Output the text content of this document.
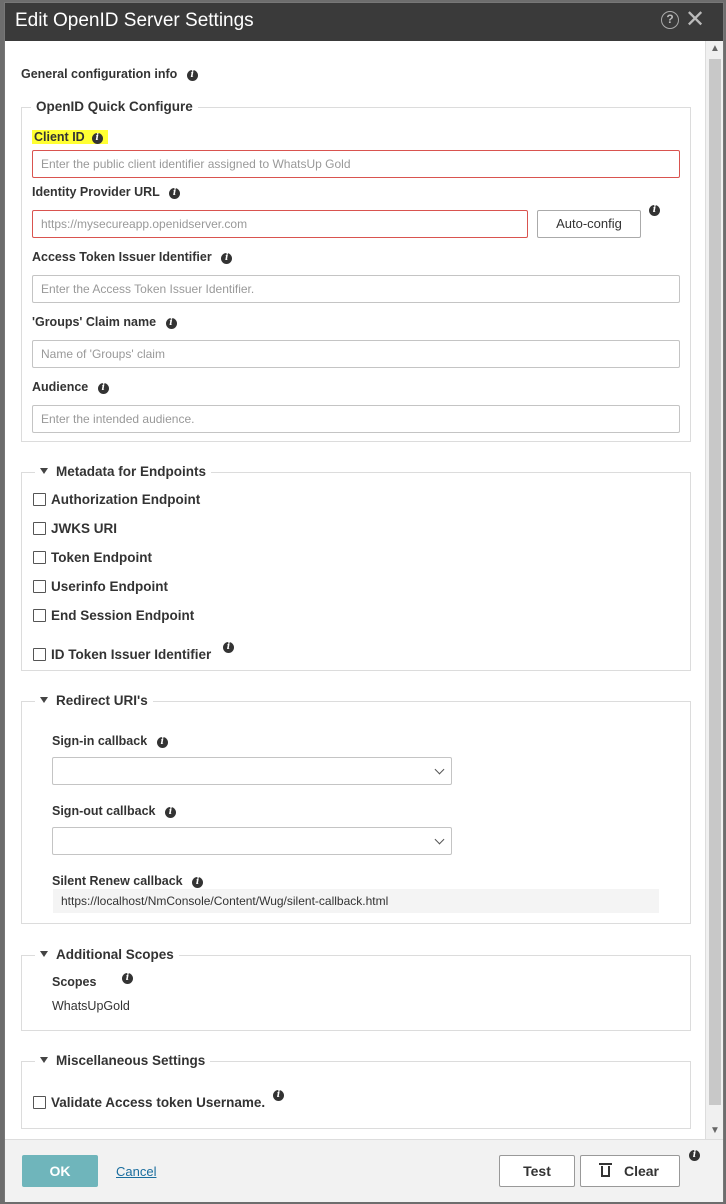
Edit OpenID Server Settings	? ✕
General configuration info i
OpenID Quick Configure
Client ID i
Enter the public client identifier assigned to WhatsUp Gold
Identity Provider URL i
https://mysecureapp.openidserver.com	Auto-config
i
Access Token Issuer Identifier i
Enter the Access Token Issuer Identifier.
'Groups' Claim name i
Name of 'Groups' claim
Audience i
Enter the intended audience.
Metadata for Endpoints
Authorization Endpoint
JWKS URI
Token Endpoint
Userinfo Endpoint
End Session Endpoint
ID Token Issuer Identifier	i
Redirect URI's
Sign-in callback i
Sign-out callback i
Silent Renew callback i
https://localhost/NmConsole/Content/Wug/silent-callback.html
Additional Scopes
Scopes	i
WhatsUpGold
Miscellaneous Settings
Validate Access token Username.	i
▲
▼
OK	Cancel	Test	Clear
i
